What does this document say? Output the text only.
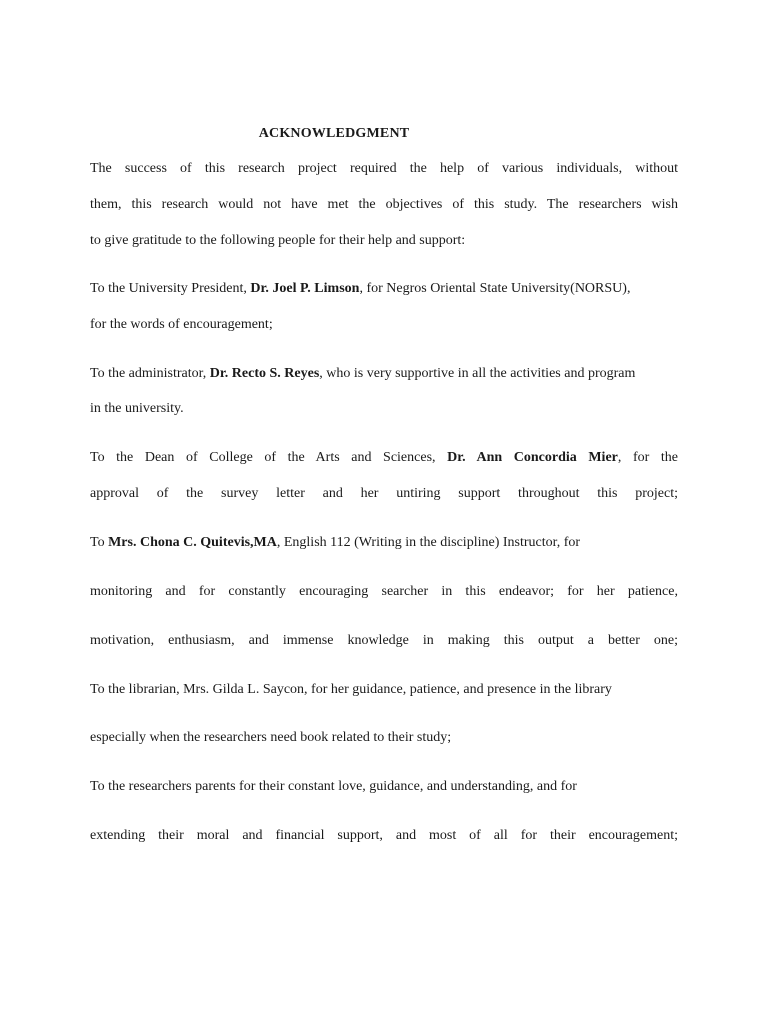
ACKNOWLEDGMENT

The success of this research project required the help of various individuals, without

them, this research would not have met the objectives of this study. The researchers wish

to give gratitude to the following people for their help and support:

To the University President, Dr. Joel P. Limson, for Negros Oriental State University(NORSU),

for the words of encouragement;

To the administrator, Dr. Recto S. Reyes, who is very supportive in all the activities and program

in the university.

To the Dean of College of the Arts and Sciences, Dr. Ann Concordia Mier, for the

approval of the survey letter and her untiring support throughout this project;

To Mrs. Chona C. Quitevis,MA, English 112 (Writing in the discipline) Instructor, for

monitoring and for constantly encouraging searcher in this endeavor; for her patience,

motivation, enthusiasm, and immense knowledge in making this output a better one;

To the librarian, Mrs. Gilda L. Saycon, for her guidance, patience, and presence in the library

especially when the researchers need book related to their study;

To the researchers parents for their constant love, guidance, and understanding, and for

extending their moral and financial support, and most of all for their encouragement;
